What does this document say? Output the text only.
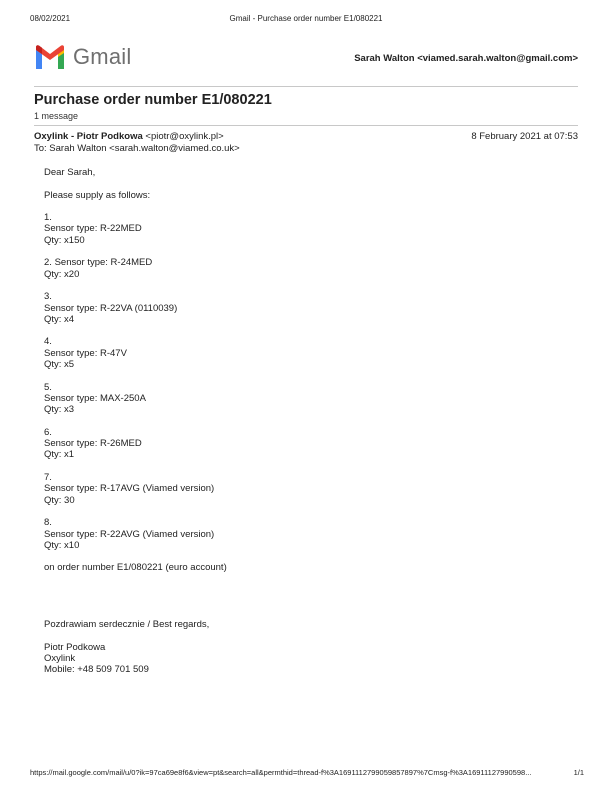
08/02/2021	Gmail - Purchase order number E1/080221
Gmail	Sarah Walton <viamed.sarah.walton@gmail.com>
Purchase order number E1/080221
1 message
Oxylink - Piotr Podkowa <piotr@oxylink.pl>	8 February 2021 at 07:53
To: Sarah Walton <sarah.walton@viamed.co.uk>
Dear Sarah,
Please supply as follows:
1.
Sensor type: R-22MED
Qty: x150
2. Sensor type: R-24MED
Qty: x20
3.
Sensor type: R-22VA (0110039)
Qty: x4
4.
Sensor type: R-47V
Qty: x5
5.
Sensor type: MAX-250A
Qty: x3
6.
Sensor type: R-26MED
Qty: x1
7.
Sensor type: R-17AVG (Viamed version)
Qty: 30
8.
Sensor type: R-22AVG (Viamed version)
Qty: x10
on order number E1/080221 (euro account)
Pozdrawiam serdecznie / Best regards,
Piotr Podkowa
Oxylink
Mobile: +48 509 701 509
https://mail.google.com/mail/u/0?ik=97ca69e8f6&view=pt&search=all&permthid=thread-f%3A1691112799059857897%7Cmsg-f%3A16911127990598...	1/1
